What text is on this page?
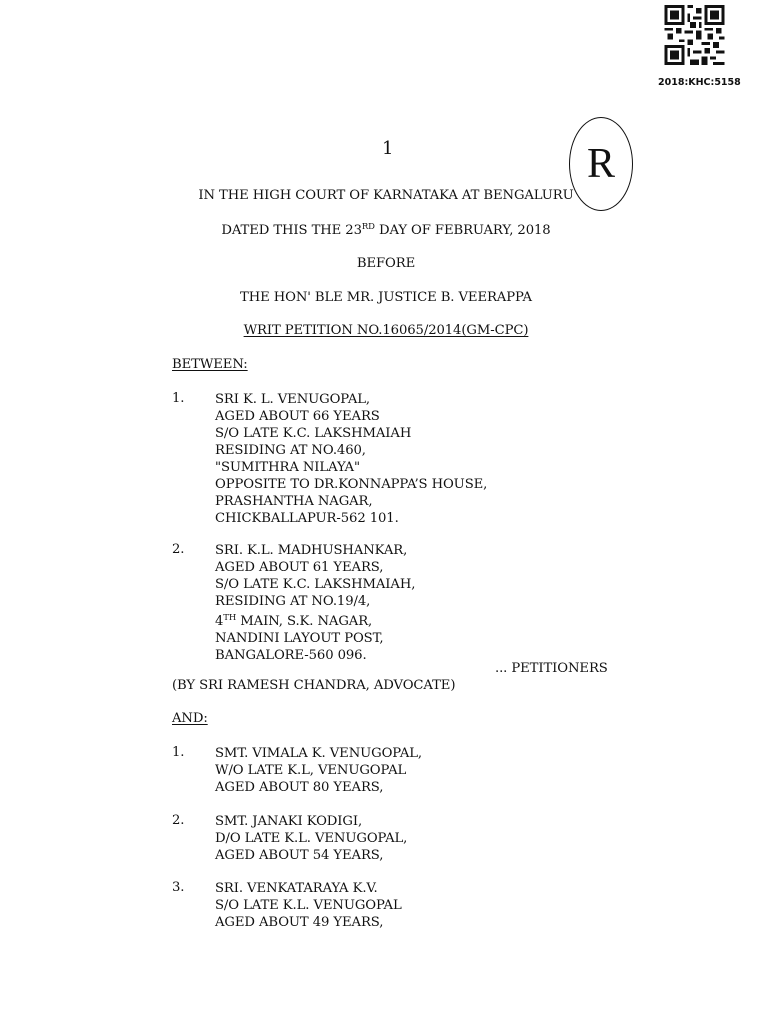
2018:KHC:5158
1	R
IN THE HIGH COURT OF KARNATAKA AT BENGALURU
DATED THIS THE 23RD DAY OF FEBRUARY, 2018
BEFORE
THE HON' BLE MR. JUSTICE B. VEERAPPA
WRIT PETITION NO.16065/2014(GM-CPC)
BETWEEN:
1. SRI K. L. VENUGOPAL,
AGED ABOUT 66 YEARS
S/O LATE K.C. LAKSHMAIAH
RESIDING AT NO.460,
"SUMITHRA NILAYA"
OPPOSITE TO DR.KONNAPPA’S HOUSE,
PRASHANTHA NAGAR,
CHICKBALLAPUR-562 101.
2. SRI. K.L. MADHUSHANKAR,
AGED ABOUT 61 YEARS,
S/O LATE K.C. LAKSHMAIAH,
RESIDING AT NO.19/4,
4TH MAIN, S.K. NAGAR,
NANDINI LAYOUT POST,
BANGALORE-560 096.
... PETITIONERS
(BY SRI RAMESH CHANDRA, ADVOCATE)
AND:
1. SMT. VIMALA K. VENUGOPAL,
W/O LATE K.L, VENUGOPAL
AGED ABOUT 80 YEARS,
2. SMT. JANAKI KODIGI,
D/O LATE K.L. VENUGOPAL,
AGED ABOUT 54 YEARS,
3. SRI. VENKATARAYA K.V.
S/O LATE K.L. VENUGOPAL
AGED ABOUT 49 YEARS,
